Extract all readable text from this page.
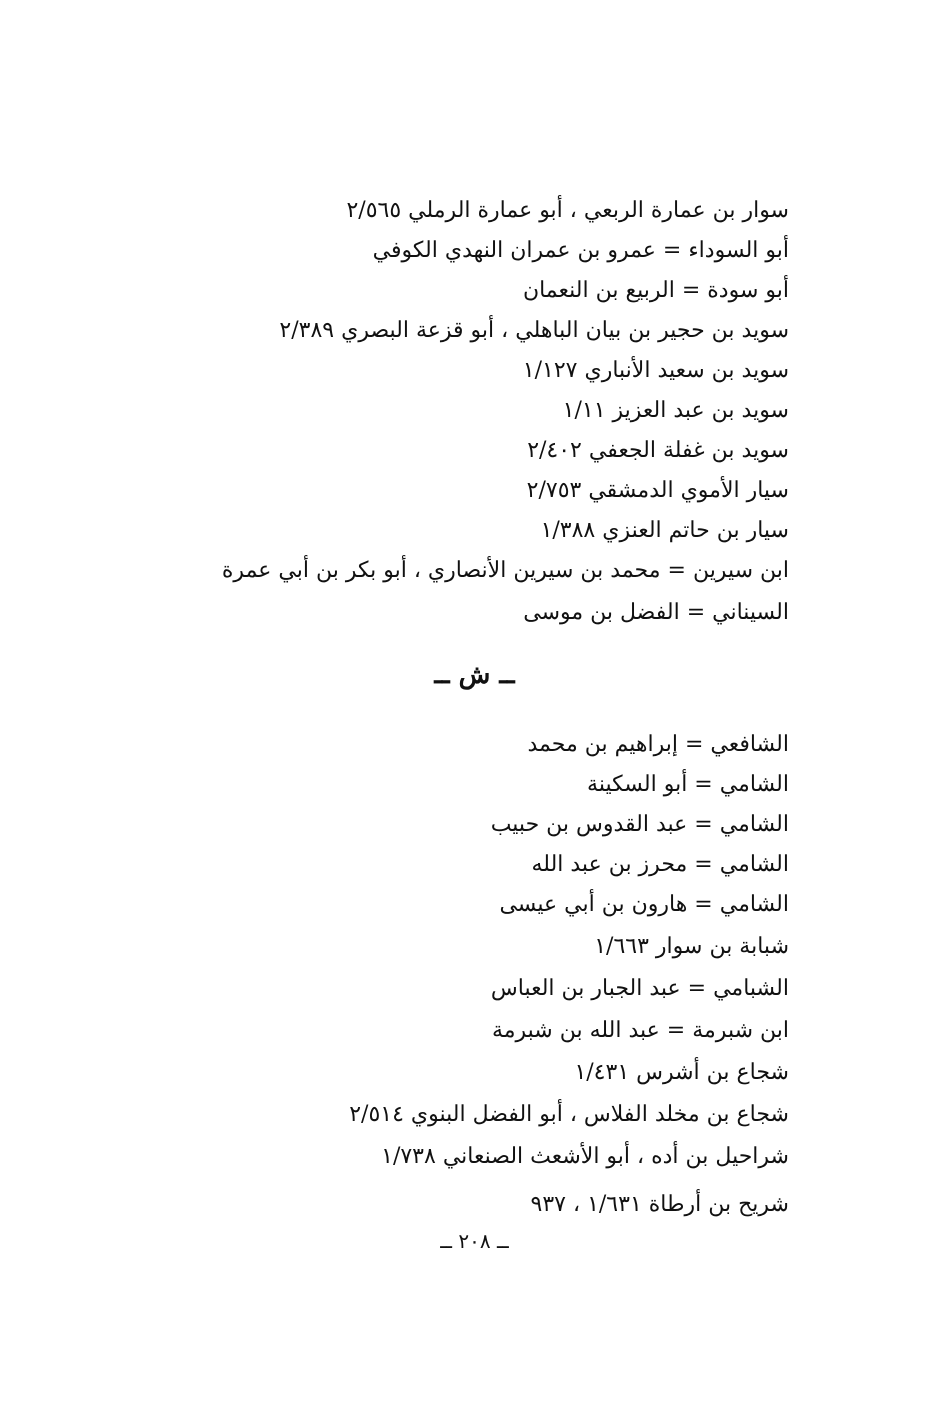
سوار بن عمارة الربعي ، أبو عمارة الرملي ٢/٥٦٥
أبو السوداء = عمرو بن عمران النهدي الكوفي
أبو سودة = الربيع بن النعمان
سويد بن حجير بن بيان الباهلي ، أبو قزعة البصري ٢/٣٨٩
سويد بن سعيد الأنباري ١/١٢٧
سويد بن عبد العزيز ١/١١
سويد بن غفلة الجعفي ٢/٤٠٢
سيار الأموي الدمشقي ٢/٧٥٣
سيار بن حاتم العنزي ١/٣٨٨
ابن سيرين = محمد بن سيرين الأنصاري ، أبو بكر بن أبي عمرة
السيناني = الفضل بن موسى
ــ ش ــ
الشافعي = إبراهيم بن محمد
الشامي = أبو السكينة
الشامي = عبد القدوس بن حبيب
الشامي = محرز بن عبد الله
الشامي = هارون بن أبي عيسى
شبابة بن سوار ١/٦٦٣
الشبامي = عبد الجبار بن العباس
ابن شبرمة = عبد الله بن شبرمة
شجاع بن أشرس ١/٤٣١
شجاع بن مخلد الفلاس ، أبو الفضل البنوي ٢/٥١٤
شراحيل بن أده ، أبو الأشعث الصنعاني ١/٧٣٨
شريح بن أرطاة ١/٦٣١ ، ٩٣٧
ــ ٢٠٨ ــ
